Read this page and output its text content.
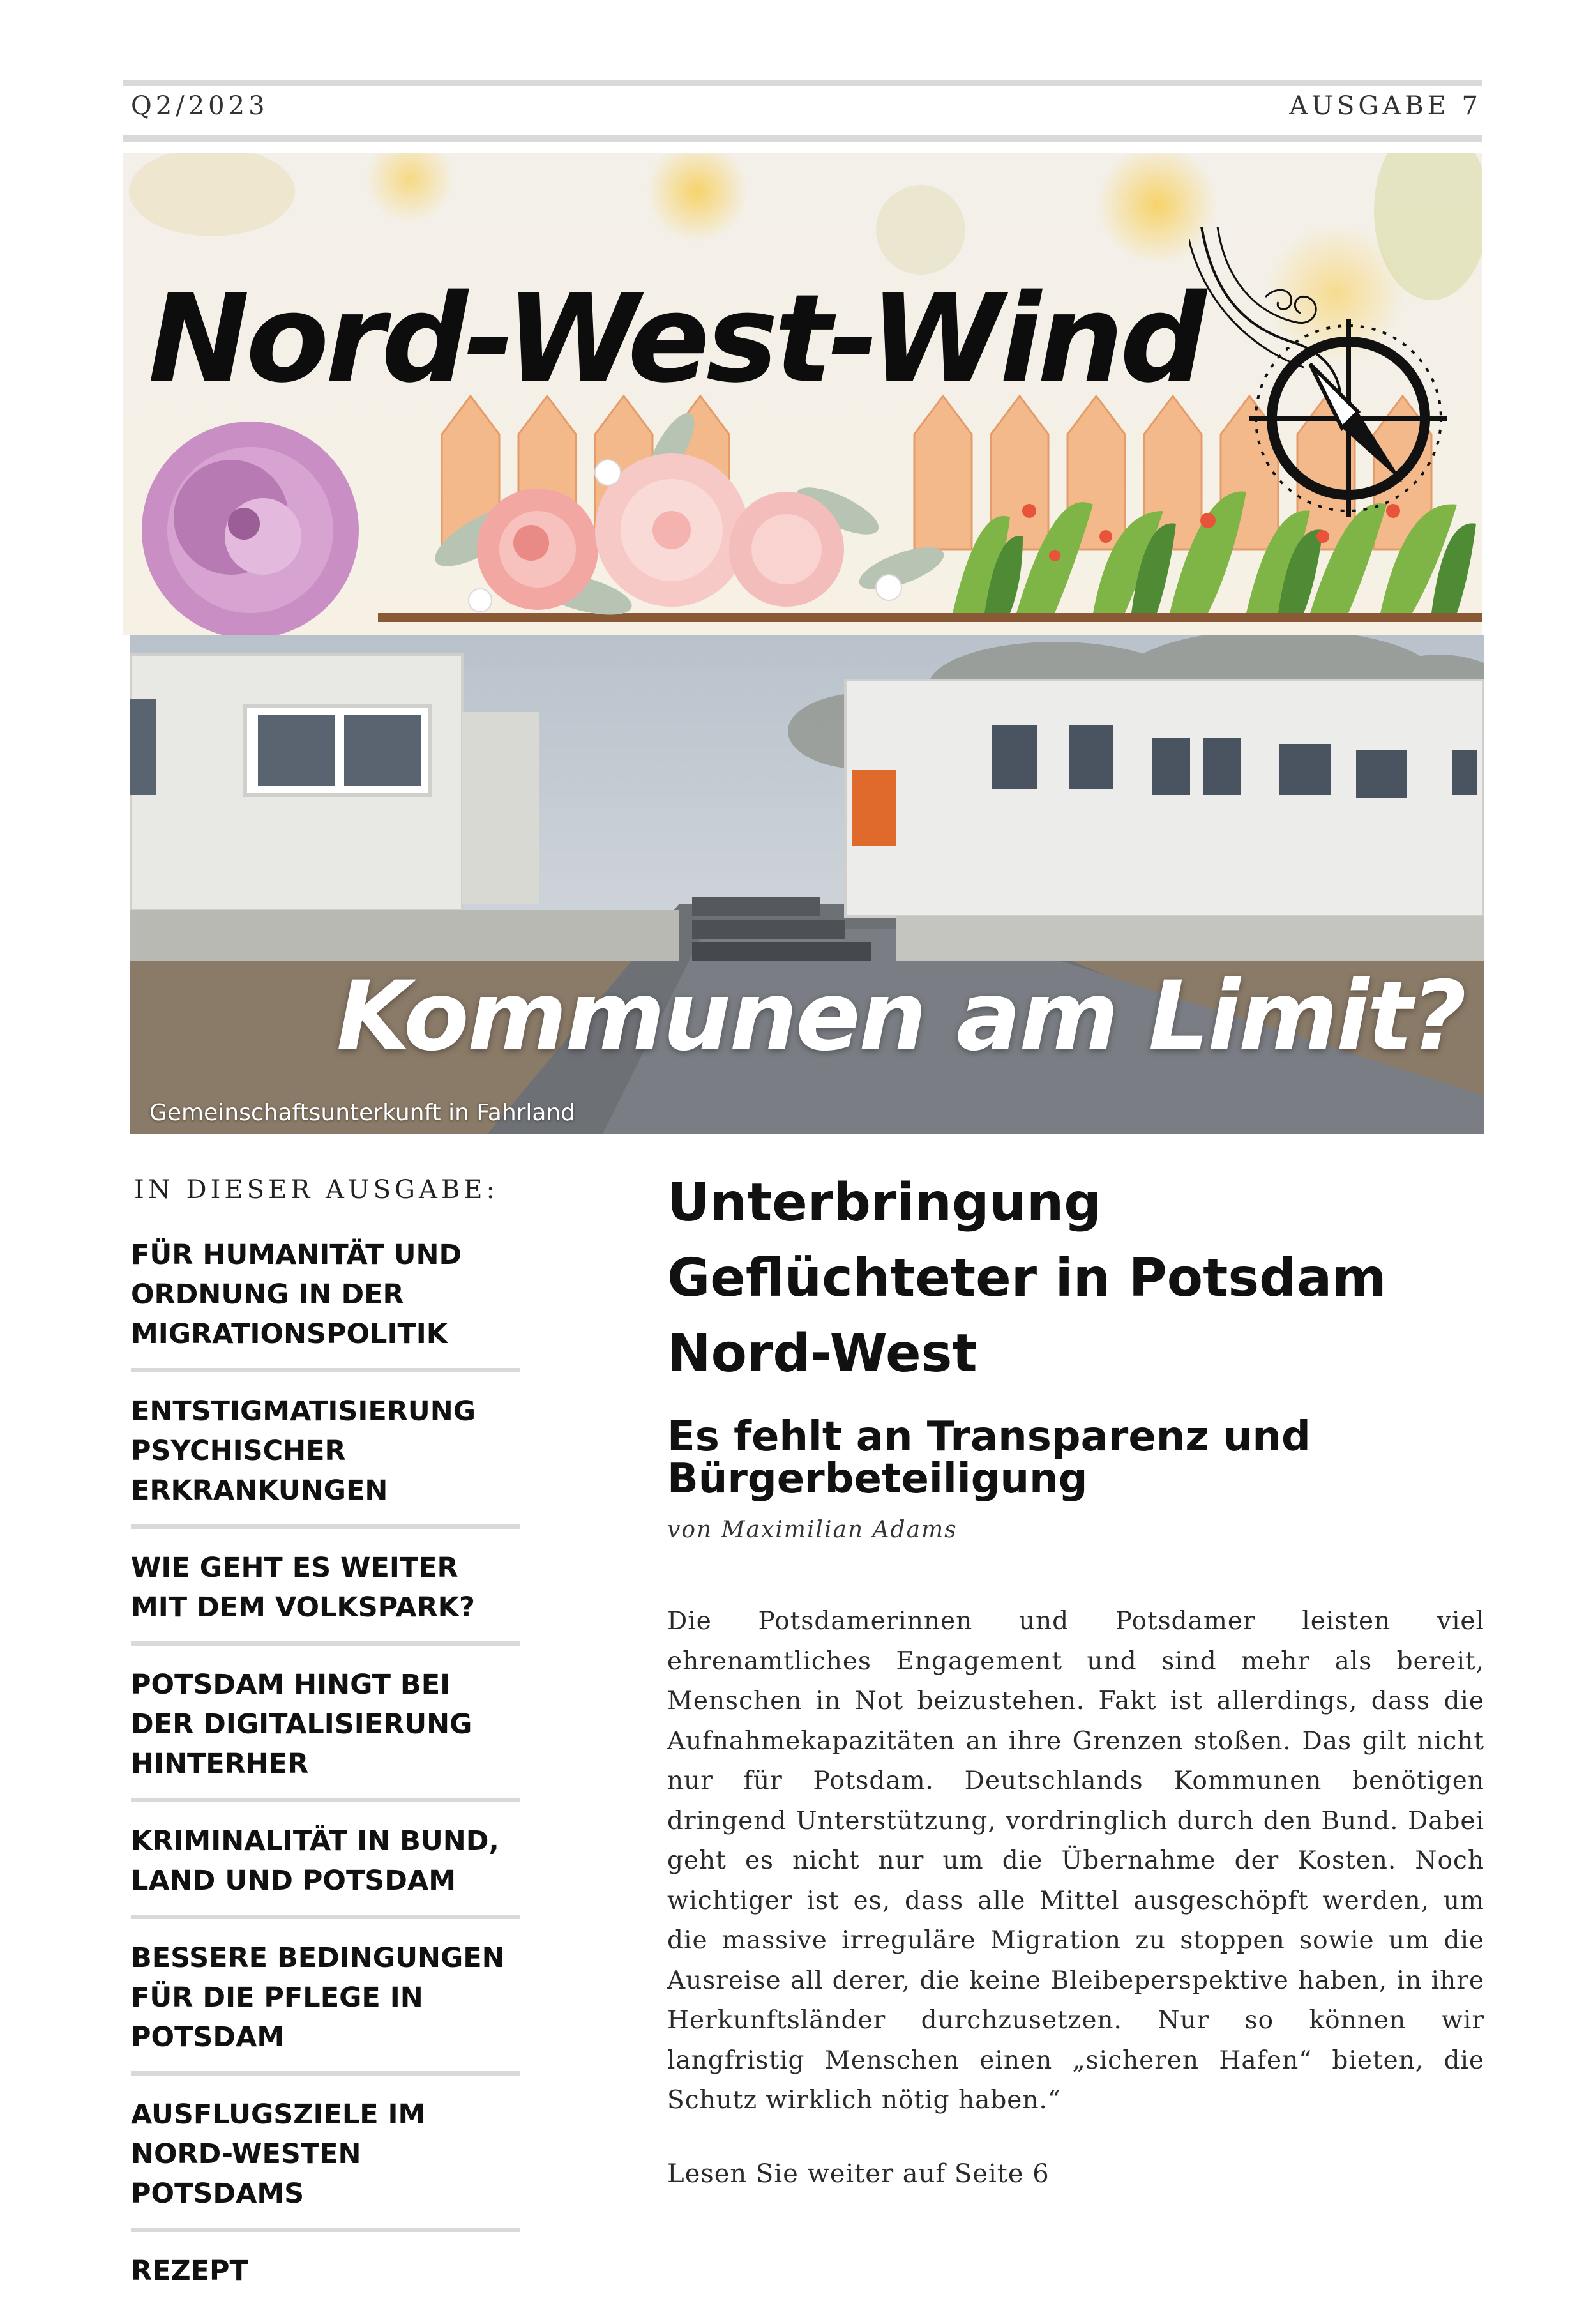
Q2/2023	AUSGABE 7
Nord-West-Wind
Kommunen am Limit?
Gemeinschaftsunterkunft in Fahrland
IN DIESER AUSGABE:
FÜR HUMANITÄT UND ORDNUNG IN DER MIGRATIONSPOLITIK
ENTSTIGMATISIERUNG PSYCHISCHER ERKRANKUNGEN
WIE GEHT ES WEITER MIT DEM VOLKSPARK?
POTSDAM HINGT BEI DER DIGITALISIERUNG HINTERHER
KRIMINALITÄT IN BUND, LAND UND POTSDAM
BESSERE BEDINGUNGEN FÜR DIE PFLEGE IN POTSDAM
AUSFLUGSZIELE IM NORD-WESTEN POTSDAMS
REZEPT
Unterbringung Geflüchteter in Potsdam Nord-West
Es fehlt an Transparenz und Bürgerbeteiligung

von Maximilian Adams

Die Potsdamerinnen und Potsdamer leisten viel ehrenamtliches Engagement und sind mehr als bereit, Menschen in Not beizustehen. Fakt ist allerdings, dass die Aufnahmekapazitäten an ihre Grenzen stoßen. Das gilt nicht nur für Potsdam. Deutschlands Kommunen benötigen dringend Unterstützung, vordringlich durch den Bund. Dabei geht es nicht nur um die Übernahme der Kosten. Noch wichtiger ist es, dass alle Mittel ausgeschöpft werden, um die massive irreguläre Migration zu stoppen sowie um die Ausreise all derer, die keine Bleibeperspektive haben, in ihre Herkunftsländer durchzusetzen. Nur so können wir langfristig Menschen einen „sicheren Hafen“ bieten, die Schutz wirklich nötig haben.“

Lesen Sie weiter auf Seite 6
